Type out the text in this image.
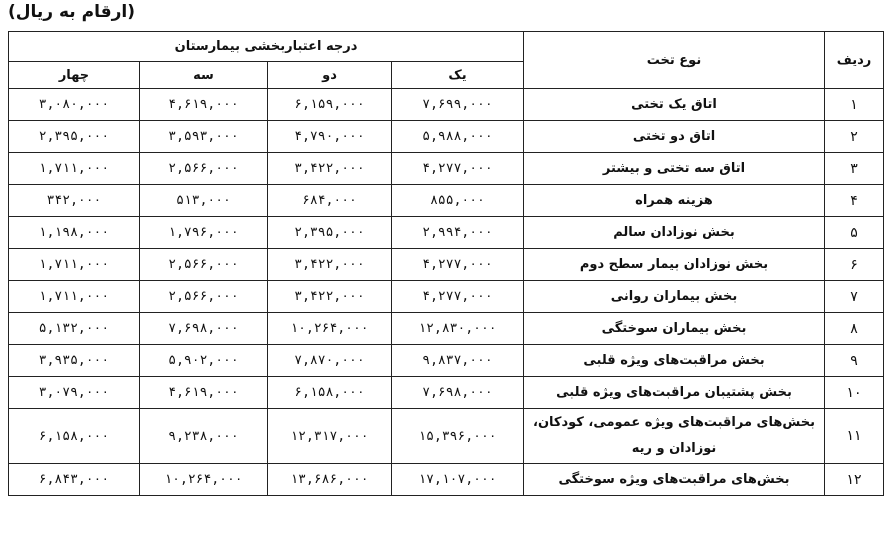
(ارقام به ریال)
ردیف	نوع تخت	درجه اعتباربخشی بیمارستان			
		یک	دو	سه	چهار
۱	اتاق یک تختی	۷,۶۹۹,۰۰۰	۶,۱۵۹,۰۰۰	۴,۶۱۹,۰۰۰	۳,۰۸۰,۰۰۰
۲	اتاق دو تختی	۵,۹۸۸,۰۰۰	۴,۷۹۰,۰۰۰	۳,۵۹۳,۰۰۰	۲,۳۹۵,۰۰۰
۳	اتاق سه تختی و بیشتر	۴,۲۷۷,۰۰۰	۳,۴۲۲,۰۰۰	۲,۵۶۶,۰۰۰	۱,۷۱۱,۰۰۰
۴	هزینه همراه	۸۵۵,۰۰۰	۶۸۴,۰۰۰	۵۱۳,۰۰۰	۳۴۲,۰۰۰
۵	بخش نوزادان سالم	۲,۹۹۴,۰۰۰	۲,۳۹۵,۰۰۰	۱,۷۹۶,۰۰۰	۱,۱۹۸,۰۰۰
۶	بخش نوزادان بیمار سطح دوم	۴,۲۷۷,۰۰۰	۳,۴۲۲,۰۰۰	۲,۵۶۶,۰۰۰	۱,۷۱۱,۰۰۰
۷	بخش بیماران روانی	۴,۲۷۷,۰۰۰	۳,۴۲۲,۰۰۰	۲,۵۶۶,۰۰۰	۱,۷۱۱,۰۰۰
۸	بخش بیماران سوختگی	۱۲,۸۳۰,۰۰۰	۱۰,۲۶۴,۰۰۰	۷,۶۹۸,۰۰۰	۵,۱۳۲,۰۰۰
۹	بخش مراقبت‌های ویژه قلبی	۹,۸۳۷,۰۰۰	۷,۸۷۰,۰۰۰	۵,۹۰۲,۰۰۰	۳,۹۳۵,۰۰۰
۱۰	بخش پشتیبان مراقبت‌های ویژه قلبی	۷,۶۹۸,۰۰۰	۶,۱۵۸,۰۰۰	۴,۶۱۹,۰۰۰	۳,۰۷۹,۰۰۰
۱۱	بخش‌های مراقبت‌های ویژه عمومی، کودکان، نوزادان و ریه	۱۵,۳۹۶,۰۰۰	۱۲,۳۱۷,۰۰۰	۹,۲۳۸,۰۰۰	۶,۱۵۸,۰۰۰
۱۲	بخش‌های مراقبت‌های ویژه سوختگی	۱۷,۱۰۷,۰۰۰	۱۳,۶۸۶,۰۰۰	۱۰,۲۶۴,۰۰۰	۶,۸۴۳,۰۰۰
